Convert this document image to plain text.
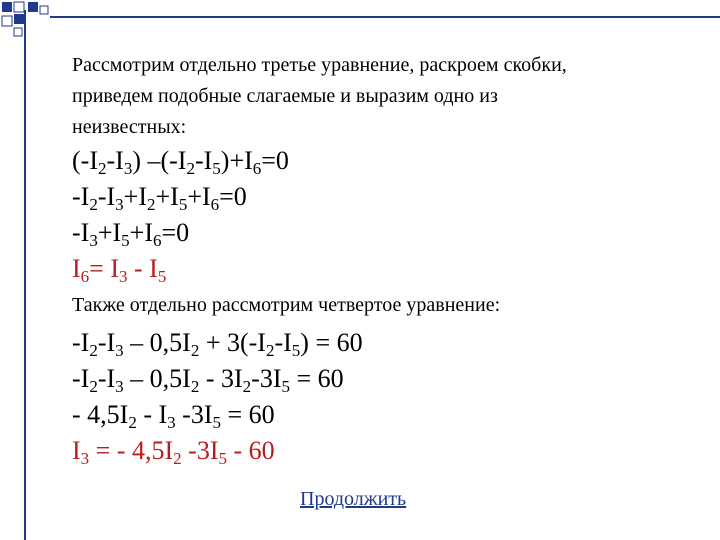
Рассмотрим отдельно третье уравнение, раскроем скобки,
приведем подобные слагаемые и выразим одно из
неизвестных:

$(-I_2-I_3)$ $-(-I_2-I_5)+I_6=0$

$-I_2-I_3+I_2+I_5+I_6=0$

$-I_3+I_5+I_6=0$

$I_6= I_3 - I_5$

Также отдельно рассмотрим четвертое уравнение:

$-I_2-I_3 - 0,5I_2 + 3(-I_2-I_5) = 60$

$-I_2-I_3 - 0,5I_2 - 3I_2-3I_5 = 60$

- $4,5I_2 - I_3$ $-3I_5 = 60$

$I_3$ = - $4,5I_2$ $-3I_5 - 60$

Продолжить
